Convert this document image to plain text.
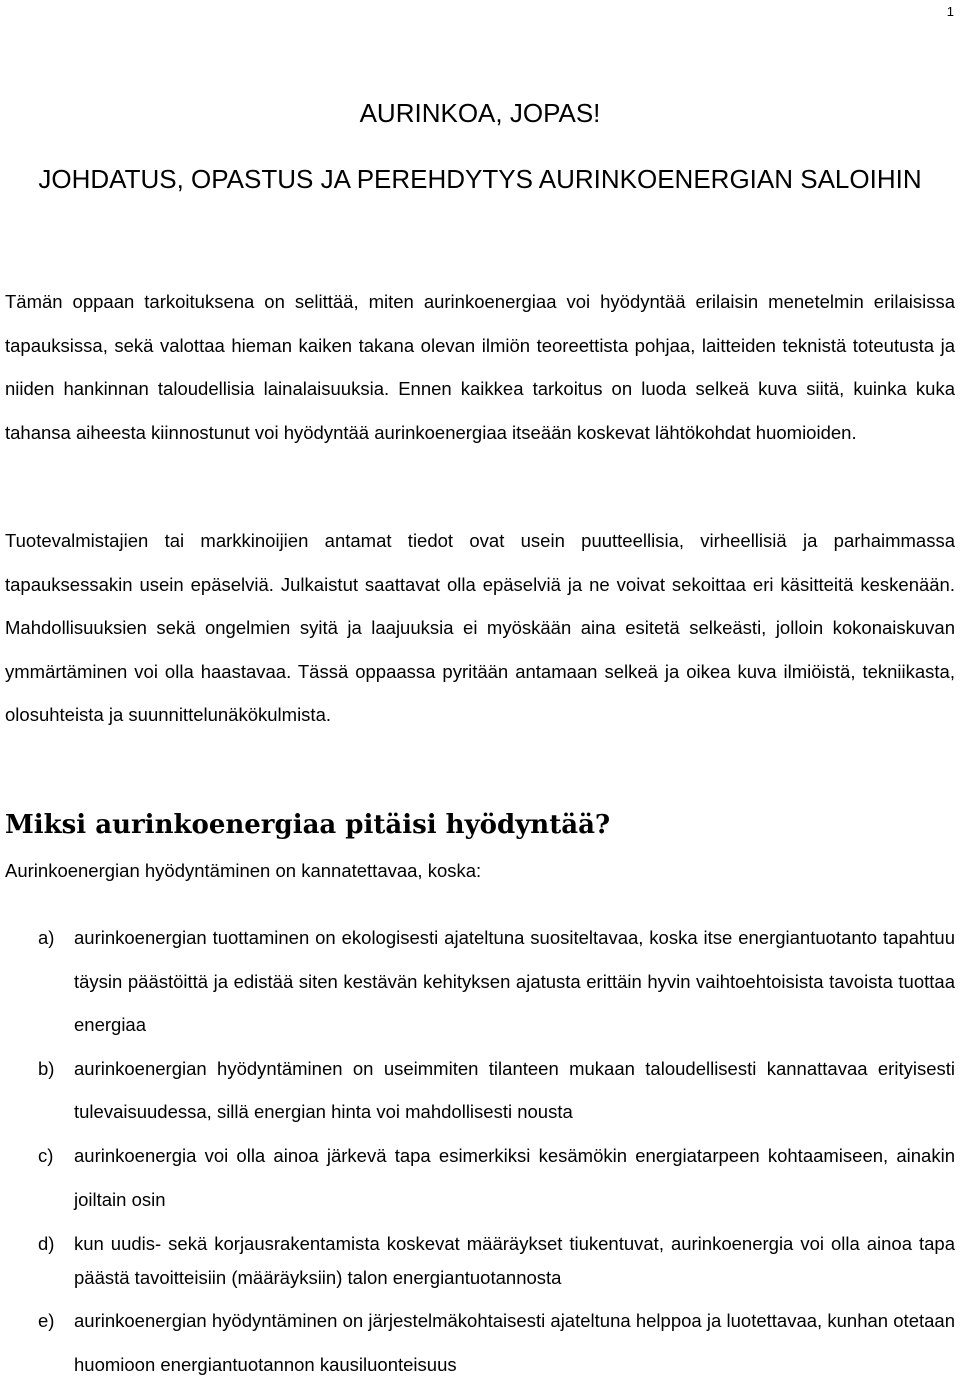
1
AURINKOA, JOPAS!
JOHDATUS, OPASTUS JA PEREHDYTYS AURINKOENERGIAN SALOIHIN

Tämän oppaan tarkoituksena on selittää, miten aurinkoenergiaa voi hyödyntää erilaisin menetelmin erilaisissa tapauksissa, sekä valottaa hieman kaiken takana olevan ilmiön teoreettista pohjaa, laitteiden teknistä toteutusta ja niiden hankinnan taloudellisia lainalaisuuksia. Ennen kaikkea tarkoitus on luoda selkeä kuva siitä, kuinka kuka tahansa aiheesta kiinnostunut voi hyödyntää aurinkoenergiaa itseään koskevat lähtökohdat huomioiden.

Tuotevalmistajien tai markkinoijien antamat tiedot ovat usein puutteellisia, virheellisiä ja parhaimmassa tapauksessakin usein epäselviä. Julkaistut saattavat olla epäselviä ja ne voivat sekoittaa eri käsitteitä keskenään. Mahdollisuuksien sekä ongelmien syitä ja laajuuksia ei myöskään aina esitetä selkeästi, jolloin kokonaiskuvan ymmärtäminen voi olla haastavaa. Tässä oppaassa pyritään antamaan selkeä ja oikea kuva ilmiöistä, tekniikasta, olosuhteista ja suunnittelunäkökulmista.

Miksi aurinkoenergiaa pitäisi hyödyntää?

Aurinkoenergian hyödyntäminen on kannatettavaa, koska:

a) aurinkoenergian tuottaminen on ekologisesti ajateltuna suositeltavaa, koska itse energiantuotanto tapahtuu täysin päästöittä ja edistää siten kestävän kehityksen ajatusta erittäin hyvin vaihtoehtoisista tavoista tuottaa energiaa
b) aurinkoenergian hyödyntäminen on useimmiten tilanteen mukaan taloudellisesti kannattavaa erityisesti tulevaisuudessa, sillä energian hinta voi mahdollisesti nousta
c) aurinkoenergia voi olla ainoa järkevä tapa esimerkiksi kesämökin energiatarpeen kohtaamiseen, ainakin joiltain osin
d) kun uudis- sekä korjausrakentamista koskevat määräykset tiukentuvat, aurinkoenergia voi olla ainoa tapa päästä tavoitteisiin (määräyksiin) talon energiantuotannosta
e) aurinkoenergian hyödyntäminen on järjestelmäkohtaisesti ajateltuna helppoa ja luotettavaa, kunhan otetaan huomioon energiantuotannon kausiluonteisuus
